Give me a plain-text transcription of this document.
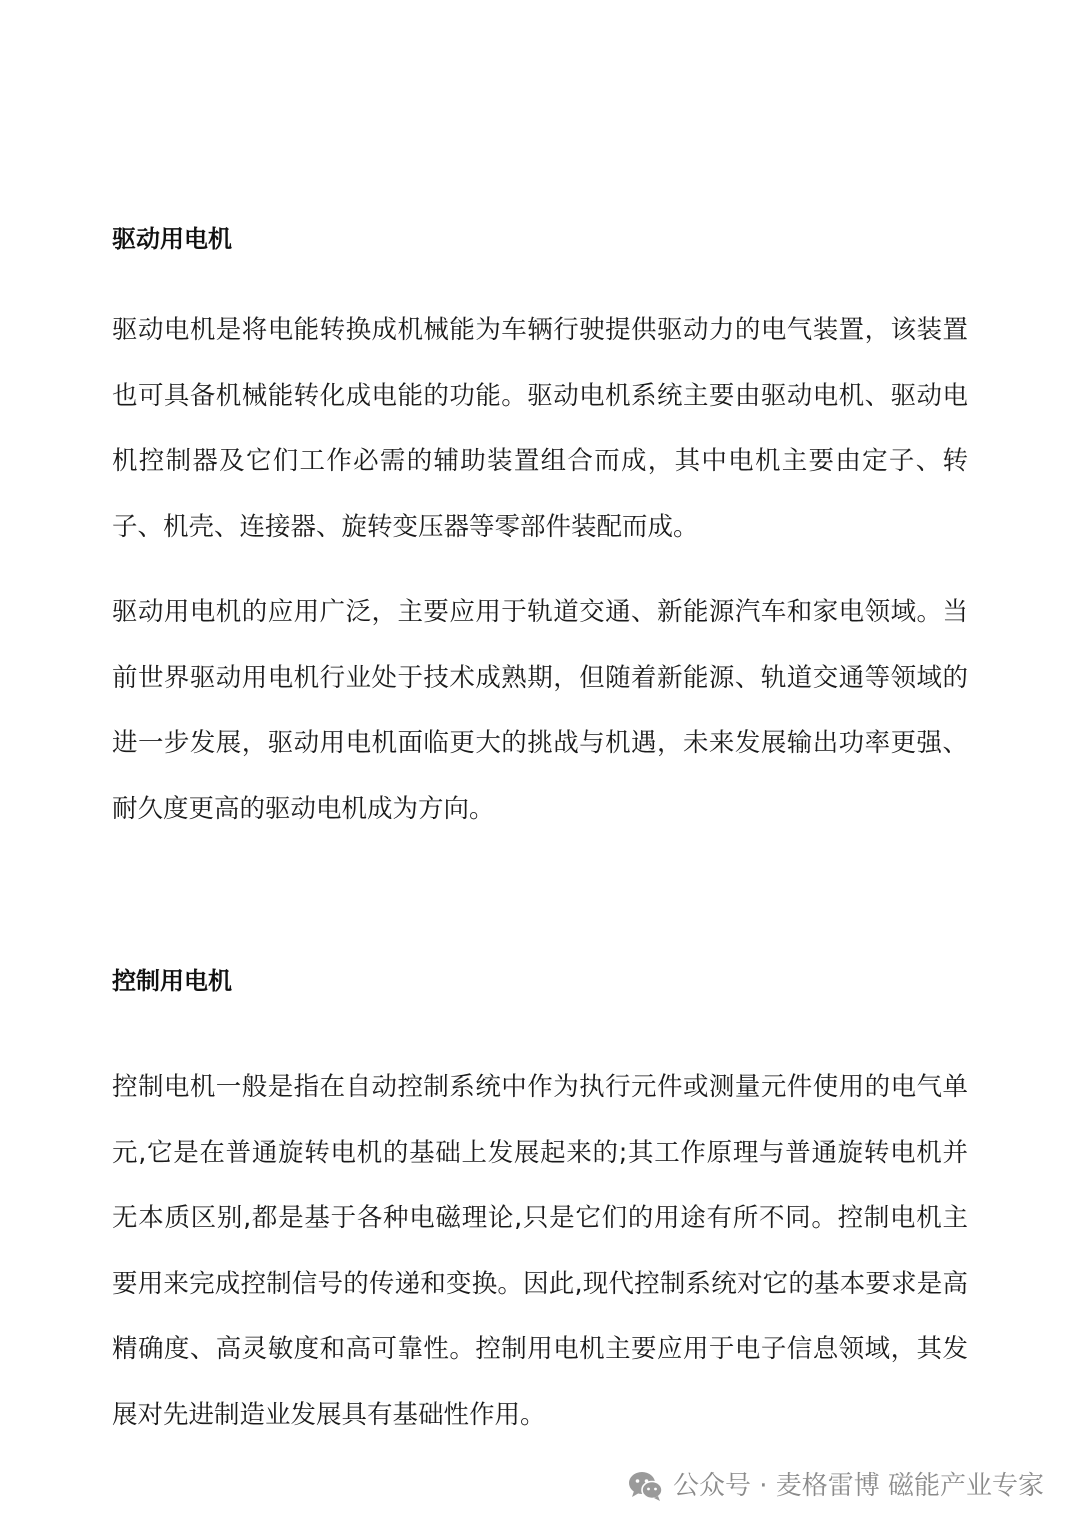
驱动用电机

驱动电机是将电能转换成机械能为车辆行驶提供驱动力的电气装置，该装置也可具备机械能转化成电能的功能。驱动电机系统主要由驱动电机、驱动电机控制器及它们工作必需的辅助装置组合而成，其中电机主要由定子、转子、机壳、连接器、旋转变压器等零部件装配而成。

驱动用电机的应用广泛，主要应用于轨道交通、新能源汽车和家电领域。当前世界驱动用电机行业处于技术成熟期，但随着新能源、轨道交通等领域的进一步发展，驱动用电机面临更大的挑战与机遇，未来发展输出功率更强、耐久度更高的驱动电机成为方向。

控制用电机

控制电机一般是指在自动控制系统中作为执行元件或测量元件使用的电气单元,它是在普通旋转电机的基础上发展起来的;其工作原理与普通旋转电机并无本质区别,都是基于各种电磁理论,只是它们的用途有所不同。控制电机主要用来完成控制信号的传递和变换。因此,现代控制系统对它的基本要求是高精确度、高灵敏度和高可靠性。控制用电机主要应用于电子信息领域，其发展对先进制造业发展具有基础性作用。

公众号 · 麦格雷博 磁能产业专家
